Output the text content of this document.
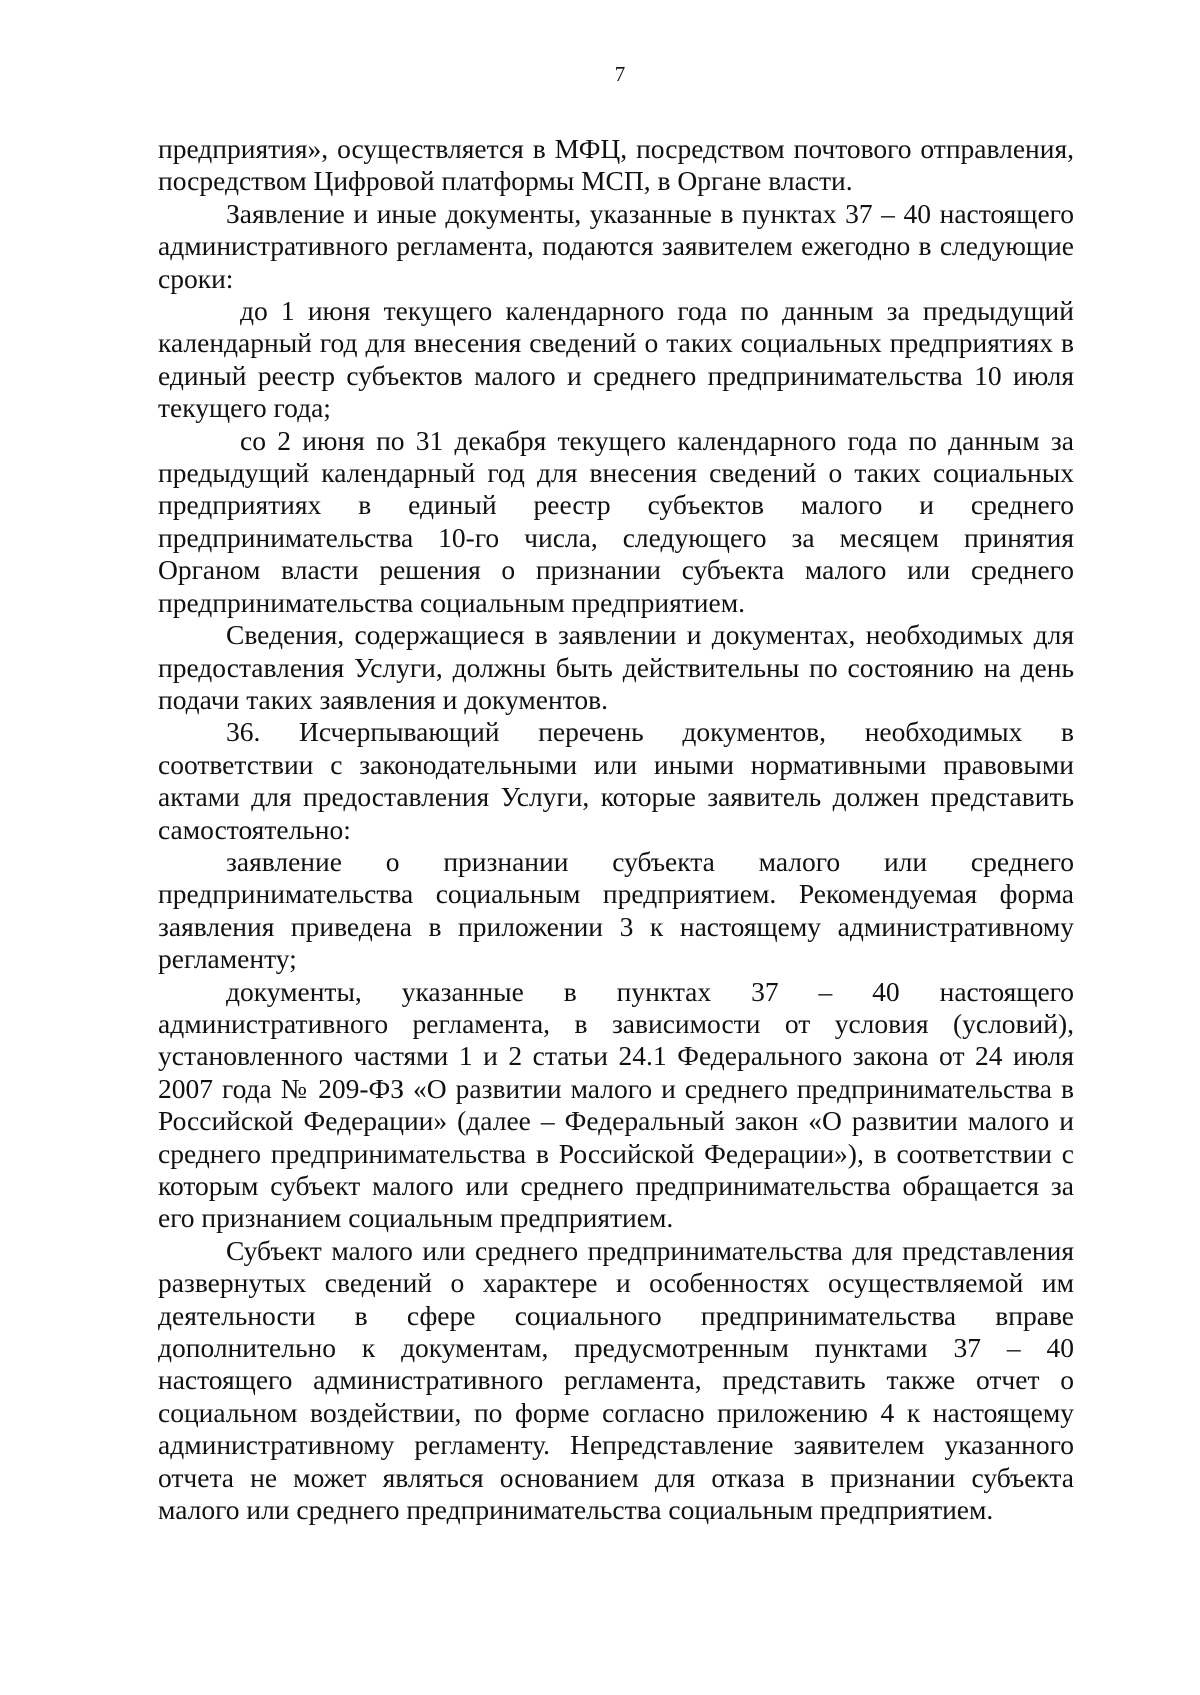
7

предприятия», осуществляется в МФЦ, посредством почтового отправления, посредством Цифровой платформы МСП, в Органе власти.

Заявление и иные документы, указанные в пунктах 37 – 40 настоящего административного регламента, подаются заявителем ежегодно в следующие сроки:

до 1 июня текущего календарного года по данным за предыдущий календарный год для внесения сведений о таких социальных предприятиях в единый реестр субъектов малого и среднего предпринимательства 10 июля текущего года;

со 2 июня по 31 декабря текущего календарного года по данным за предыдущий календарный год для внесения сведений о таких социальных предприятиях в единый реестр субъектов малого и среднего предпринимательства 10-го числа, следующего за месяцем принятия Органом власти решения о признании субъекта малого или среднего предпринимательства социальным предприятием.

Сведения, содержащиеся в заявлении и документах, необходимых для предоставления Услуги, должны быть действительны по состоянию на день подачи таких заявления и документов.

36. Исчерпывающий перечень документов, необходимых в соответствии с законодательными или иными нормативными правовыми актами для предоставления Услуги, которые заявитель должен представить самостоятельно:

заявление о признании субъекта малого или среднего предпринимательства социальным предприятием. Рекомендуемая форма заявления приведена в приложении 3 к настоящему административному регламенту;

документы, указанные в пунктах 37 – 40 настоящего административного регламента, в зависимости от условия (условий), установленного частями 1 и 2 статьи 24.1 Федерального закона от 24 июля 2007 года № 209-ФЗ «О развитии малого и среднего предпринимательства в Российской Федерации» (далее – Федеральный закон «О развитии малого и среднего предпринимательства в Российской Федерации»), в соответствии с которым субъект малого или среднего предпринимательства обращается за его признанием социальным предприятием.

Субъект малого или среднего предпринимательства для представления развернутых сведений о характере и особенностях осуществляемой им деятельности в сфере социального предпринимательства вправе дополнительно к документам, предусмотренным пунктами 37 – 40 настоящего административного регламента, представить также отчет о социальном воздействии, по форме согласно приложению 4 к настоящему административному регламенту. Непредставление заявителем указанного отчета не может являться основанием для отказа в признании субъекта малого или среднего предпринимательства социальным предприятием.
